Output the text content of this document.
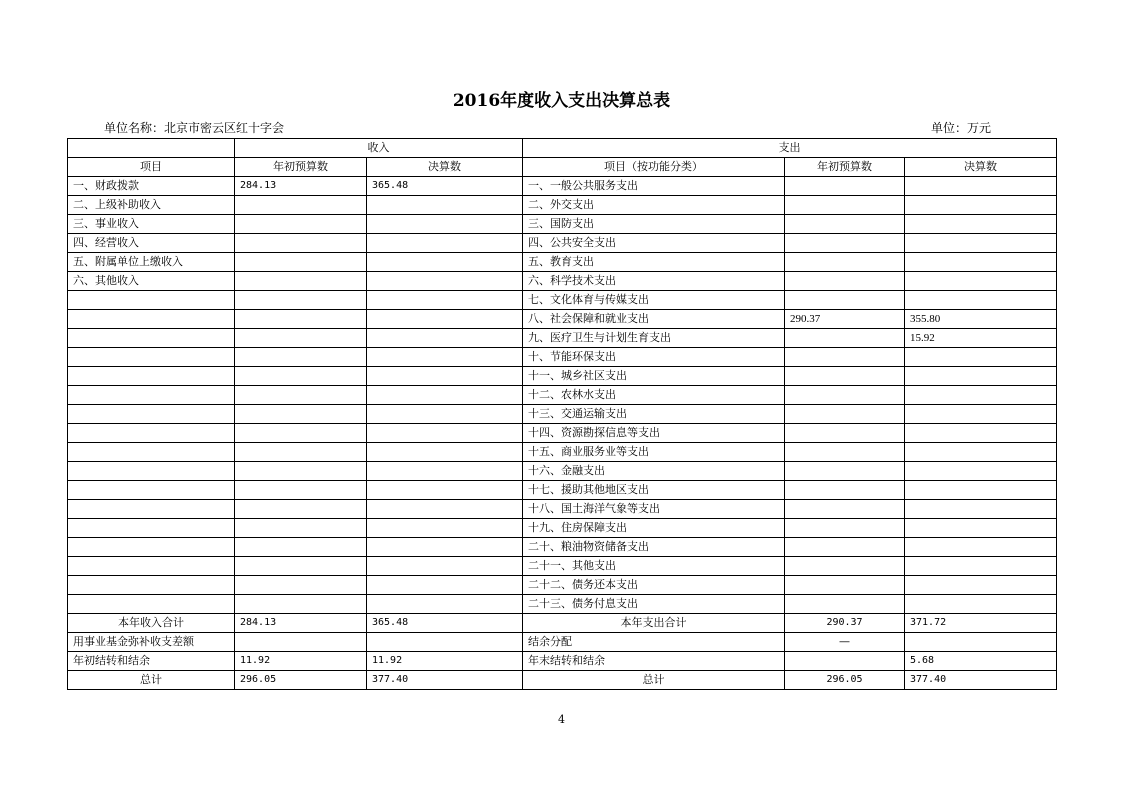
2016年度收入支出决算总表
单位名称：北京市密云区红十字会	单位：万元
	收入		支出		
项目	年初预算数	决算数	项目（按功能分类）	年初预算数	决算数
一、财政拨款	284.13	365.48	一、一般公共服务支出		
二、上级补助收入			二、外交支出		
三、事业收入			三、国防支出		
四、经营收入			四、公共安全支出		
五、附属单位上缴收入			五、教育支出		
六、其他收入			六、科学技术支出		
			七、文化体育与传媒支出		
			八、社会保障和就业支出	290.37	355.80
			九、医疗卫生与计划生育支出		15.92
			十、节能环保支出		
			十一、城乡社区支出		
			十二、农林水支出		
			十三、交通运输支出		
			十四、资源勘探信息等支出		
			十五、商业服务业等支出		
			十六、金融支出		
			十七、援助其他地区支出		
			十八、国土海洋气象等支出		
			十九、住房保障支出		
			二十、粮油物资储备支出		
			二十一、其他支出		
			二十二、债务还本支出		
			二十三、债务付息支出		
本年收入合计	284.13	365.48	本年支出合计	290.37	371.72
用事业基金弥补收支差额			结余分配	—	
年初结转和结余	11.92	11.92	年末结转和结余		5.68
总计	296.05	377.40	总计	296.05	377.40
4
